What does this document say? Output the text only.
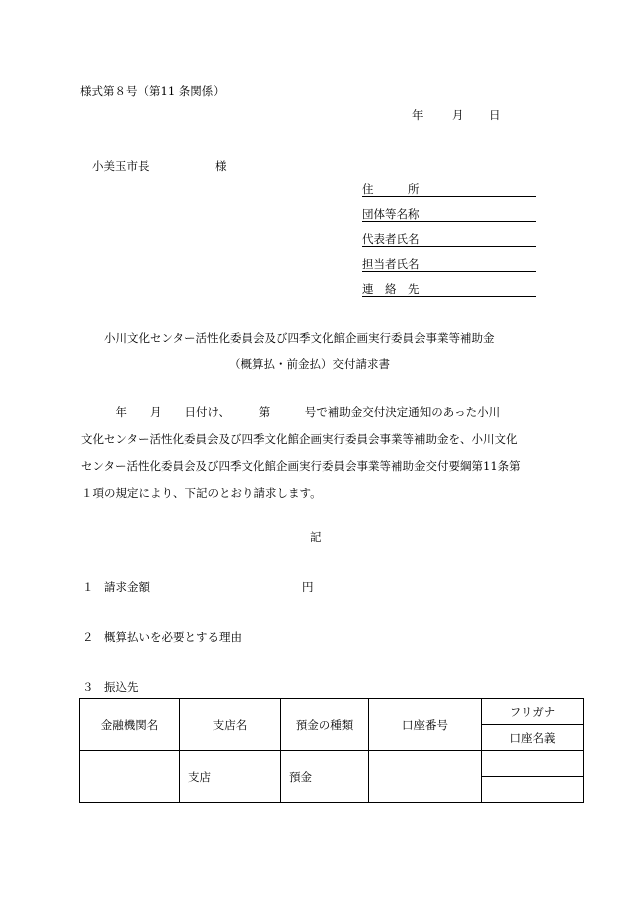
様式第８号（第11 条関係）
年 月 日
小美玉市長	様
住　　　所
団体等名称
代表者氏名
担当者氏名
連　絡　先
小川文化センター活性化委員会及び四季文化館企画実行委員会事業等補助金
（概算払・前金払）交付請求書
　　　年　　月　　日付け、　　　第　　　号で補助金交付決定通知のあった小川
文化センター活性化委員会及び四季文化館企画実行委員会事業等補助金を、小川文化
センター活性化委員会及び四季文化館企画実行委員会事業等補助金交付要綱第11条第
１項の規定により、下記のとおり請求します。
記
１ 請求金額	円
２ 概算払いを必要とする理由
３ 振込先
金融機関名	支店名	預金の種類	口座番号	フリガナ
				口座名義
	支店	預金		
